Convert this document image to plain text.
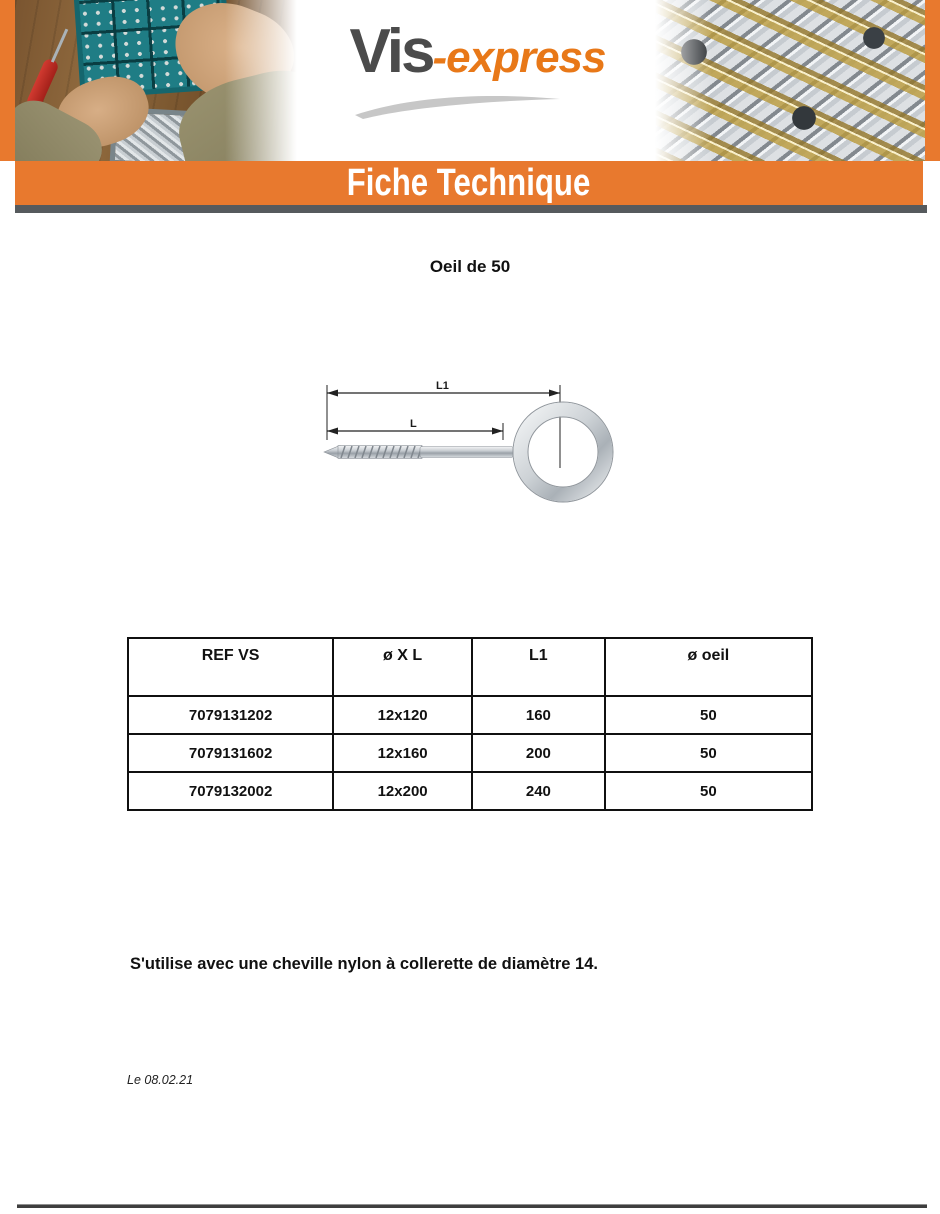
Vis-express
Fiche Technique
Oeil de 50
L1
L
REF VS	ø X L	L1	ø oeil
7079131202	12x120	160	50
7079131602	12x160	200	50
7079132002	12x200	240	50
S'utilise avec une cheville nylon à collerette de diamètre 14.
Le 08.02.21
